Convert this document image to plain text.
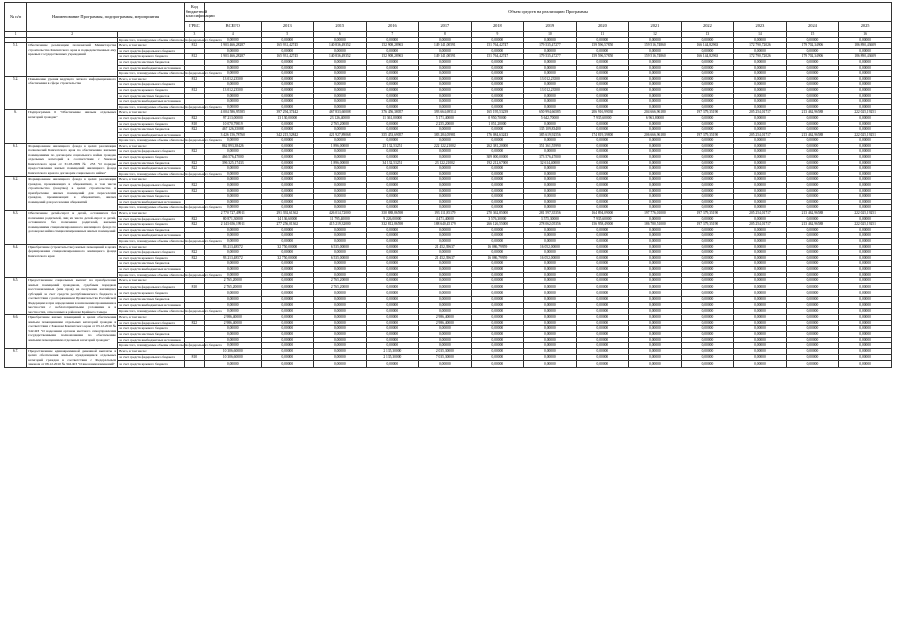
№ п/п	Наименование Программы, подпрограммы, мероприятия		Код бюджетной классификации	Объем средств на реализацию Программы												
			ГРБС	ВСЕГО	2013	2015	2016	2017	2018	2019	2020	2021	2022	2023	2024	2025
1	2		3	4	5	6	7	8	9	10	11	12	13	14	15	16
		Кроме того, планируемые объемы обязательств федерального бюджета		0,00000	0,00000	0,00000	0,00000	0,00000	0,00000	0,00000	0,00000	0,00000	0,00000	0,00000	0,00000	0,00000
5.1.	Обеспечение реализации полномочий Министерства строительства Камчатского края и подведомственных ему краевых государственных учреждений	Всего, в том числе:	812	1 903 466,28287	165 931,42745	140 836,49352	152 908,28963	149 141,00591	151 764,42747	179 535,47277	159 596,57850	159 516,74860	166 144,82963	172 790,72026	179 702,34906	186 890,43609
		за счет средств федерального бюджета		0,00000	0,00000	0,00000	0,00000	0,00000	0,00000	0,00000	0,00000	0,00000	0,00000	0,00000	0,00000	0,00000
		за счет средств краевого бюджета	812	1 903 466,28287	165 931,42745	140 836,49352	152 908,28963	149 141,00591	151 764,42747	179 535,47277	159 596,57850	159 516,74860	166 144,82963	172 790,72026	179 702,34906	186 890,43609
		за счет средств местных бюджетов		0,00000	0,00000	0,00000	0,00000	0,00000	0,00000	0,00000	0,00000	0,00000	0,00000	0,00000	0,00000	0,00000
		за счет средств внебюджетных источников		0,00000	0,00000	0,00000	0,00000	0,00000	0,00000	0,00000	0,00000	0,00000	0,00000	0,00000	0,00000	0,00000
		Кроме того, планируемые объемы обязательств федерального бюджета		0,00000	0,00000	0,00000	0,00000	0,00000	0,00000	0,00000	0,00000	0,00000	0,00000	0,00000	0,00000	0,00000
5.2.	Повышение уровня ведущего четкого информационного обеспечения в сфере строительства	Всего, в том числе:	812	13 012,23500	0,00000	0,00000	0,00000	0,00000	0,00000	13 012,23500	0,00000	0,00000	0,00000	0,00000	0,00000	0,00000
		за счет средств федерального бюджета		0,00000	0,00000	0,00000	0,00000	0,00000	0,00000	0,00000	0,00000	0,00000	0,00000	0,00000	0,00000	0,00000
		за счет средств краевого бюджета	812	13 012,23500	0,00000	0,00000	0,00000	0,00000	0,00000	13 012,23500	0,00000	0,00000	0,00000	0,00000	0,00000	0,00000
		за счет средств местных бюджетов		0,00000	0,00000	0,00000	0,00000	0,00000	0,00000	0,00000	0,00000	0,00000	0,00000	0,00000	0,00000	0,00000
		за счет средств внебюджетных источников		0,00000	0,00000	0,00000	0,00000	0,00000	0,00000	0,00000	0,00000	0,00000	0,00000	0,00000	0,00000	0,00000
		Кроме того, планируемые объемы обязательств федерального бюджета		0,00000	0,00000	0,00000	0,00000	0,00000	0,00000	0,00000	0,00000	0,00000	0,00000	0,00000	0,00000	0,00000
6.	Подпрограмма 6 "Обеспечение жильем отдельных категорий граждан"	Всего, в том числе:		4 004 586,95585	397 294,37442	467 833,60008	376 456,38057	393 664,69514	165 195,53239	650 994,66585	206 916,99030	204 666,96180	197 379,35190	205 254,01717	213 462,96588	222 025,19251
		за счет средств федерального бюджета	822	97 213,00000	13 130,00000	23 126,40000	11 361,00000	5 171,40000	0 950,70000	5 642,70000	7 935,60000	6 963,80000	0,00000	0,00000	0,00000	0,00000
		за счет средств краевого бюджета	810	10 070,79819	0,00000	2 765,20000	0,00000	2 255,20000	1 051,20000	0,00000	0,00000	0,00000	0,00000	0,00000	0,00000	0,00000
		за счет средств местных бюджетов	822	467 126,35088	0,00000	0,00000	0,00000	0,00000	0,00000	135 109,83400	0,00000	0,00000	0,00000	0,00000	0,00000	0,00000
		за счет средств внебюджетных источников		3 426 156,78760	342 215,52842	421 927,89068	355 453,69057	383 284,05981	176 084,63243	385 619,92556	174 819,39800	206 666,96180	197 379,35190	205 254,01717	213 462,96588	222 025,19251
		Кроме того, планируемые объемы обязательств федерального бюджета		0,00000	0,00000	0,00000	0,00000	0,00000	0,00000	0,00000	0,00000	0,00000	0,00000	0,00000	0,00000	0,00000
6.1.	Формирование жилищного фонда в целях реализации полномочий Камчатского края по обеспечению жилыми помещениями по договорам социального найма граждан отдельных категорий в соответствии с Законом Камчатского края от 31.03.2009 № 253 "О порядке предоставления жилых помещений жилищного фонда Камчатского края по договорам социального найма"	Всего, в том числе:		862 893,38426	0,00000	1 896,00000	25 132,53251	222 122,21002	262 381,20000	351 361,55990	0,00000	0,00000	0,00000	0,00000	0,00000	0,00000
		за счет средств федерального бюджета	822	0,00000	0,00000	0,00000	0,00000	0,00000	0,00000	0,00000	0,00000	0,00000	0,00000	0,00000	0,00000	0,00000
		за счет средств краевого бюджета		466 576,47000	0,00000	0,00000	0,00000	0,00000	309 000,00000	373 576,47000	0,00000	0,00000	0,00000	0,00000	0,00000	0,00000
		за счет средств местных бюджетов	822	396 325,17433	0,00000	1 896,00000	34 132,53251	23 122,21002	192 212,67000	32 614,40000	0,00000	0,00000	0,00000	0,00000	0,00000	0,00000
		за счет средств внебюджетных источников	822	0,00000	0,00000	0,00000	0,00000	0,00000	0,00000	0,00000	0,00000	0,00000	0,00000	0,00000	0,00000	0,00000
		Кроме того, планируемые объемы обязательств федерального бюджета		0,00000	0,00000	0,00000	0,00000	0,00000	0,00000	0,00000	0,00000	0,00000	0,00000	0,00000	0,00000	0,00000
6.2.	Формирование жилищного фонда в целях реализации граждан, проживающих в общежитиях, в том числе строительство (покупка) в целях строительства и приобретение жилых помещений для переселения граждан, проживающих в общежитиях, жилых помещений для расселения общежитий	Всего, в том числе:		0,00000	0,00000	0,00000	0,00000	0,00000	0,00000	0,00000	0,00000	0,00000	0,00000	0,00000	0,00000	0,00000
		за счет средств федерального бюджета	822	0,00000	0,00000	0,00000	0,00000	0,00000	0,00000	0,00000	0,00000	0,00000	0,00000	0,00000	0,00000	0,00000
		за счет средств краевого бюджета	822	0,00000	0,00000	0,00000	0,00000	0,00000	0,00000	0,00000	0,00000	0,00000	0,00000	0,00000	0,00000	0,00000
		за счет средств местных бюджетов		0,00000	0,00000	0,00000	0,00000	0,00000	0,00000	0,00000	0,00000	0,00000	0,00000	0,00000	0,00000	0,00000
		за счет средств внебюджетных источников		0,00000	0,00000	0,00000	0,00000	0,00000	0,00000	0,00000	0,00000	0,00000	0,00000	0,00000	0,00000	0,00000
		Кроме того, планируемые объемы обязательств федерального бюджета		0,00000	0,00000	0,00000	0,00000	0,00000	0,00000	0,00000	0,00000	0,00000	0,00000	0,00000	0,00000	0,00000
6.3.	Обеспечение детей-сирот и детей, оставшихся без попечения родителей, лиц из числа детей-сирот и детей, оставшихся без попечения родителей, жилыми помещениями специализированного жилищного фонда по договорам найма специализированных жилых помещений	Всего, в том числе:		2 770 727,49911	291 392,61362	426 014,72000	350 888,86598	193 111,85179	270 362,85000	281 597,35356	164 894,09000	197 776,01000	197 379,35190	205 254,01717	213 462,96588	222 025,19251
		за счет средств федерального бюджета	822	80 871,30000	14 136,60000	11 795,40000	9 226,00000	4 471,40000	3 576,30000	3 575,30000	7 935,60000	0,00000	0,00000	0,00000	0,00000	0,00000
		за счет средств краевого бюджета	822	2 143 656,19911	277 256,01362	415 219,32000	332 812,86598	188 640,45179	266 126,55000	278 062,05356	156 958,49000	186 780,51000	197 379,35190	205 254,01717	213 462,96588	222 025,19251
		за счет средств местных бюджетов		0,00000	0,00000	0,00000	0,00000	0,00000	0,00000	0,00000	0,00000	0,00000	0,00000	0,00000	0,00000	0,00000
		за счет средств внебюджетных источников		0,00000	0,00000	0,00000	0,00000	0,00000	0,00000	0,00000	0,00000	0,00000	0,00000	0,00000	0,00000	0,00000
		Кроме того, планируемые объемы обязательств федерального бюджета		0,00000	0,00000	0,00000	0,00000	0,00000	0,00000	0,00000	0,00000	0,00000	0,00000	0,00000	0,00000	0,00000
6.4.	Приобретение (строительство) жилых помещений в целях формирования специализированного жилищного фонда Камчатского края	Всего, в том числе:		93 213,48572	32 750,00000	6 535,00000	0,00000	21 452,39637	16 086,79959	16 052,00000	0,00000	0,00000	0,00000	0,00000	0,00000	0,00000
		за счет средств федерального бюджета	822	0,00000	0,00000	0,00000	0,00000	0,00000	0,00000	0,00000	0,00000	0,00000	0,00000	0,00000	0,00000	0,00000
		за счет средств краевого бюджета	822	93 213,48572	32 750,00000	6 535,00000	0,00000	21 452,39637	16 086,79959	16 052,00000	0,00000	0,00000	0,00000	0,00000	0,00000	0,00000
		за счет средств местных бюджетов		0,00000	0,00000	0,00000	0,00000	0,00000	0,00000	0,00000	0,00000	0,00000	0,00000	0,00000	0,00000	0,00000
		за счет средств внебюджетных источников		0,00000	0,00000	0,00000	0,00000	0,00000	0,00000	0,00000	0,00000	0,00000	0,00000	0,00000	0,00000	0,00000
		Кроме того, планируемые объемы обязательств федерального бюджета		0,00000	0,00000	0,00000	0,00000	0,00000	0,00000	0,00000	0,00000	0,00000	0,00000	0,00000	0,00000	0,00000
6.5.	Предоставление социальных выплат на приобретение жилых помещений гражданам, судебным порядком восстановленных (или прав) на получение жилищных субсидий за счет средств республиканского бюджета в соответствии с распоряжением Правительства Российской Федерации и при определении в назначении проживания в местностях с неблагоприятными условиями и в местностях, отнесенных к районам Крайнего Севера	Всего, в том числе:		2 765,20000	0,00000	2 765,20000	0,00000	0,00000	0,00000	0,00000	0,00000	0,00000	0,00000	0,00000	0,00000	0,00000
		за счет средств федерального бюджета	810	2 765,20000	0,00000	2 765,20000	0,00000	0,00000	0,00000	0,00000	0,00000	0,00000	0,00000	0,00000	0,00000	0,00000
		за счет средств краевого бюджета		0,00000	0,00000	0,00000	0,00000	0,00000	0,00000	0,00000	0,00000	0,00000	0,00000	0,00000	0,00000	0,00000
		за счет средств местных бюджетов		0,00000	0,00000	0,00000	0,00000	0,00000	0,00000	0,00000	0,00000	0,00000	0,00000	0,00000	0,00000	0,00000
		за счет средств внебюджетных источников		0,00000	0,00000	0,00000	0,00000	0,00000	0,00000	0,00000	0,00000	0,00000	0,00000	0,00000	0,00000	0,00000
		Кроме того, планируемые объемы обязательств федерального бюджета		0,00000	0,00000	0,00000	0,00000	0,00000	0,00000	0,00000	0,00000	0,00000	0,00000	0,00000	0,00000	0,00000
6.6.	Приобретение жилых помещений в целях обеспечения жильем помещениями отдельных категорий граждан в соответствии с Законом Камчатского края от 03.12.2010 № 542-ФЗ "О наделении органов местного самоуправления государственными полномочиями по обеспечению жилыми помещениями отдельных категорий граждан"	Всего, в том числе:		2 986,40000	0,00000	0,00000	0,00000	2 986,40000	0,00000	0,00000	0,00000	0,00000	0,00000	0,00000	0,00000	0,00000
		за счет средств федерального бюджета	822	2 986,40000	0,00000	0,00000	0,00000	2 986,40000	0,00000	0,00000	0,00000	0,00000	0,00000	0,00000	0,00000	0,00000
		за счет средств краевого бюджета		0,00000	0,00000	0,00000	0,00000	0,00000	0,00000	0,00000	0,00000	0,00000	0,00000	0,00000	0,00000	0,00000
		за счет средств местных бюджетов		0,00000	0,00000	0,00000	0,00000	0,00000	0,00000	0,00000	0,00000	0,00000	0,00000	0,00000	0,00000	0,00000
		за счет средств внебюджетных источников		0,00000	0,00000	0,00000	0,00000	0,00000	0,00000	0,00000	0,00000	0,00000	0,00000	0,00000	0,00000	0,00000
		Кроме того, планируемые объемы обязательств федерального бюджета		0,00000	0,00000	0,00000	0,00000	0,00000	0,00000	0,00000	0,00000	0,00000	0,00000	0,00000	0,00000	0,00000
6.7.	Предоставление единовременной денежной выплаты в целях обеспечения жильем нуждающимся отдельных категорий граждан в соответствии с Федеральным законом от 08.12.2010 № 342-ФЗ "О внесении изменений"	Всего, в том числе:		10 306,60000	0,00000	0,00000	2 135,30000	2 035,30000	0,00000	0,00000	0,00000	0,00000	0,00000	0,00000	0,00000	0,00000
		за счет средств федерального бюджета	810	10 306,60000	0,00000	0,00000	2 135,30000	7 035,30000	0,00000	0,00000	0,00000	0,00000	0,00000	0,00000	0,00000	0,00000
		за счет средств краевого бюджета		0,00000	0,00000	0,00000	0,00000	0,00000	0,00000	0,00000	0,00000	0,00000	0,00000	0,00000	0,00000	0,00000
